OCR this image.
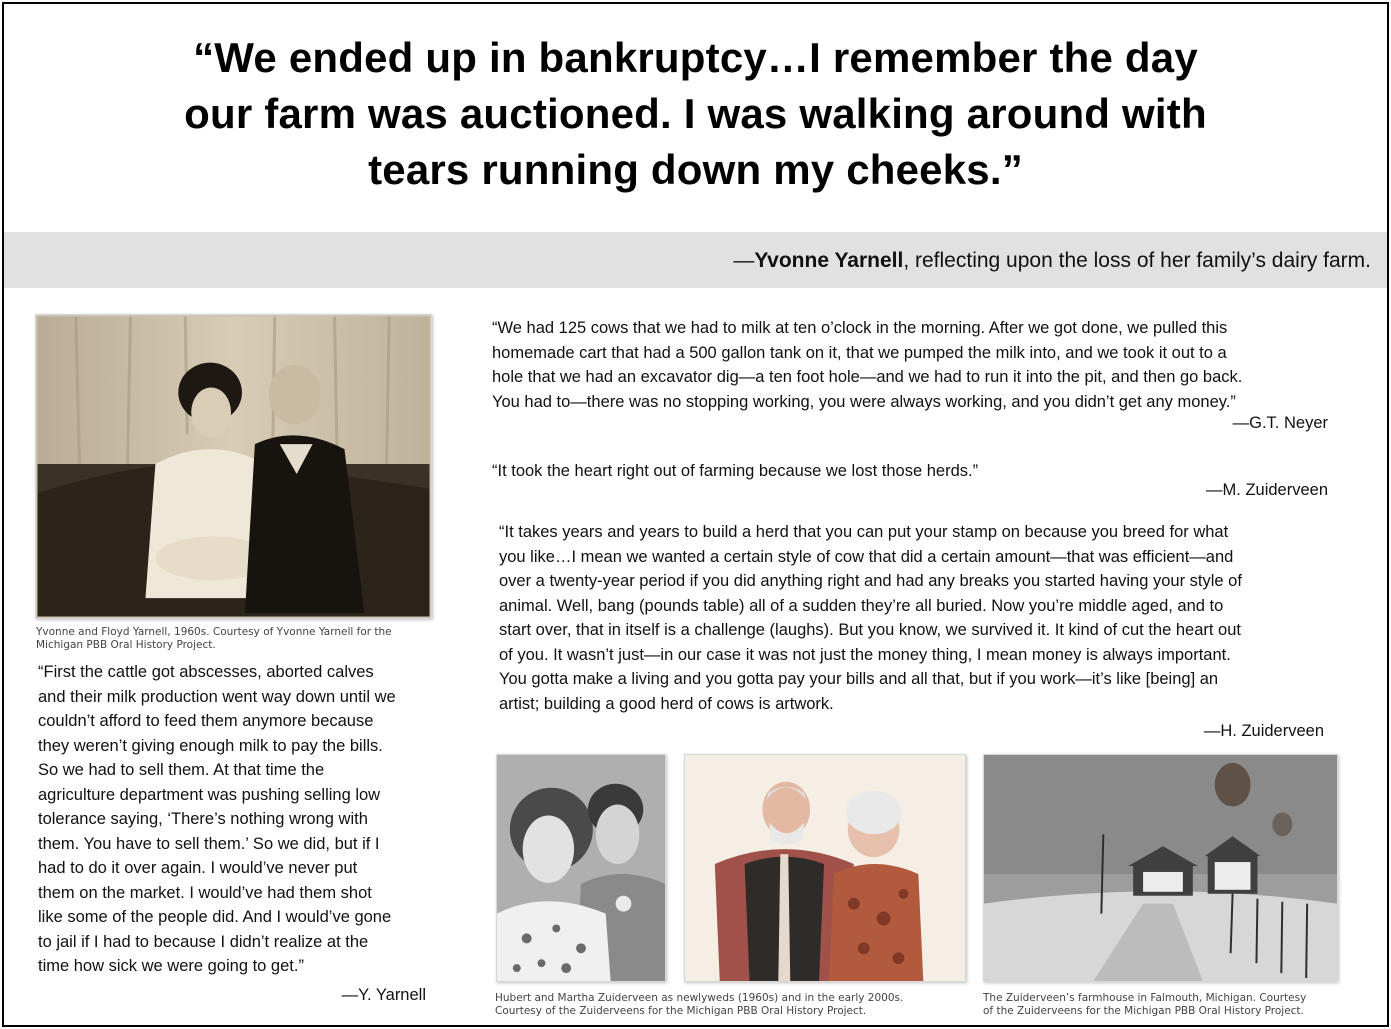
“We ended up in bankruptcy…I remember the day
our farm was auctioned. I was walking around with
tears running down my cheeks.”
—Yvonne Yarnell, reflecting upon the loss of her family’s dairy farm.
Yvonne and Floyd Yarnell, 1960s. Courtesy of Yvonne Yarnell for the
Michigan PBB Oral History Project.
“First the cattle got abscesses, aborted calves
and their milk production went way down until we
couldn’t afford to feed them anymore because
they weren’t giving enough milk to pay the bills.
So we had to sell them. At that time the
agriculture department was pushing selling low
tolerance saying, ‘There’s nothing wrong with
them. You have to sell them.’ So we did, but if I
had to do it over again. I would’ve never put
them on the market. I would’ve had them shot
like some of the people did. And I would’ve gone
to jail if I had to because I didn’t realize at the
time how sick we were going to get.”
—Y. Yarnell
“We had 125 cows that we had to milk at ten o’clock in the morning. After we got done, we pulled this
homemade cart that had a 500 gallon tank on it, that we pumped the milk into, and we took it out to a
hole that we had an excavator dig—a ten foot hole—and we had to run it into the pit, and then go back.
You had to—there was no stopping working, you were always working, and you didn’t get any money.”
—G.T. Neyer
“It took the heart right out of farming because we lost those herds.”
—M. Zuiderveen
“It takes years and years to build a herd that you can put your stamp on because you breed for what
you like…I mean we wanted a certain style of cow that did a certain amount—that was efficient—and
over a twenty-year period if you did anything right and had any breaks you started having your style of
animal. Well, bang (pounds table) all of a sudden they’re all buried. Now you’re middle aged, and to
start over, that in itself is a challenge (laughs). But you know, we survived it. It kind of cut the heart out
of you. It wasn’t just—in our case it was not just the money thing, I mean money is always important.
You gotta make a living and you gotta pay your bills and all that, but if you work—it’s like [being] an
artist; building a good herd of cows is artwork.
—H. Zuiderveen
Hubert and Martha Zuiderveen as newlyweds (1960s) and in the early 2000s.
Courtesy of the Zuiderveens for the Michigan PBB Oral History Project.
The Zuiderveen’s farmhouse in Falmouth, Michigan. Courtesy
of the Zuiderveens for the Michigan PBB Oral History Project.
